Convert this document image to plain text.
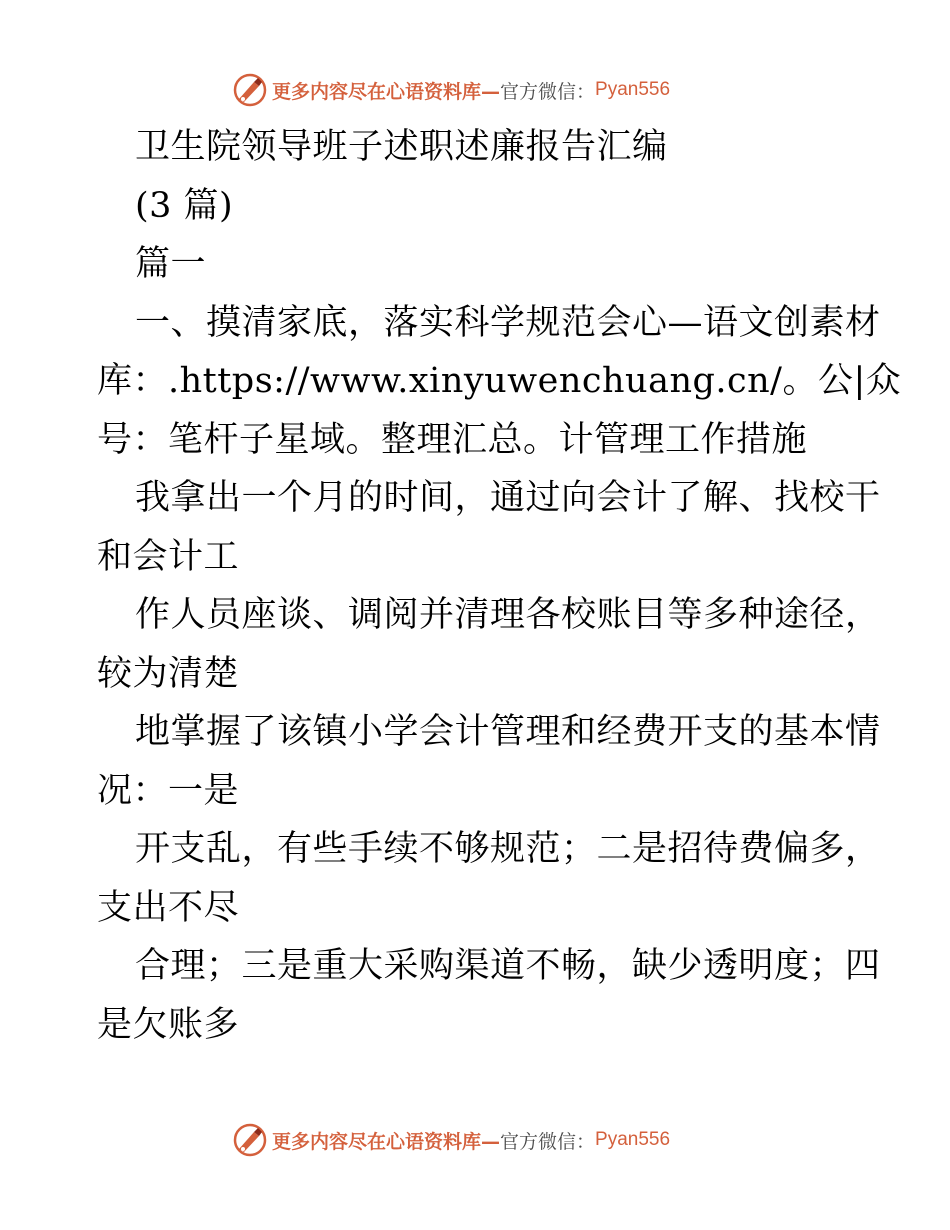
更多内容尽在心语资料库— 官方微信： Pyan556
卫生院领导班子述职述廉报告汇编
(3 篇)
篇一
一、摸清家底，落实科学规范会心—语文创素材
库：.https://www.xinyuwenchuang.cn/。公|众
号：笔杆子星域。整理汇总。计管理工作措施
我拿出一个月的时间，通过向会计了解、找校干
和会计工
作人员座谈、调阅并清理各校账目等多种途径，
较为清楚
地掌握了该镇小学会计管理和经费开支的基本情
况：一是
开支乱，有些手续不够规范；二是招待费偏多，
支出不尽
合理；三是重大采购渠道不畅，缺少透明度；四
是欠账多
更多内容尽在心语资料库— 官方微信： Pyan556
